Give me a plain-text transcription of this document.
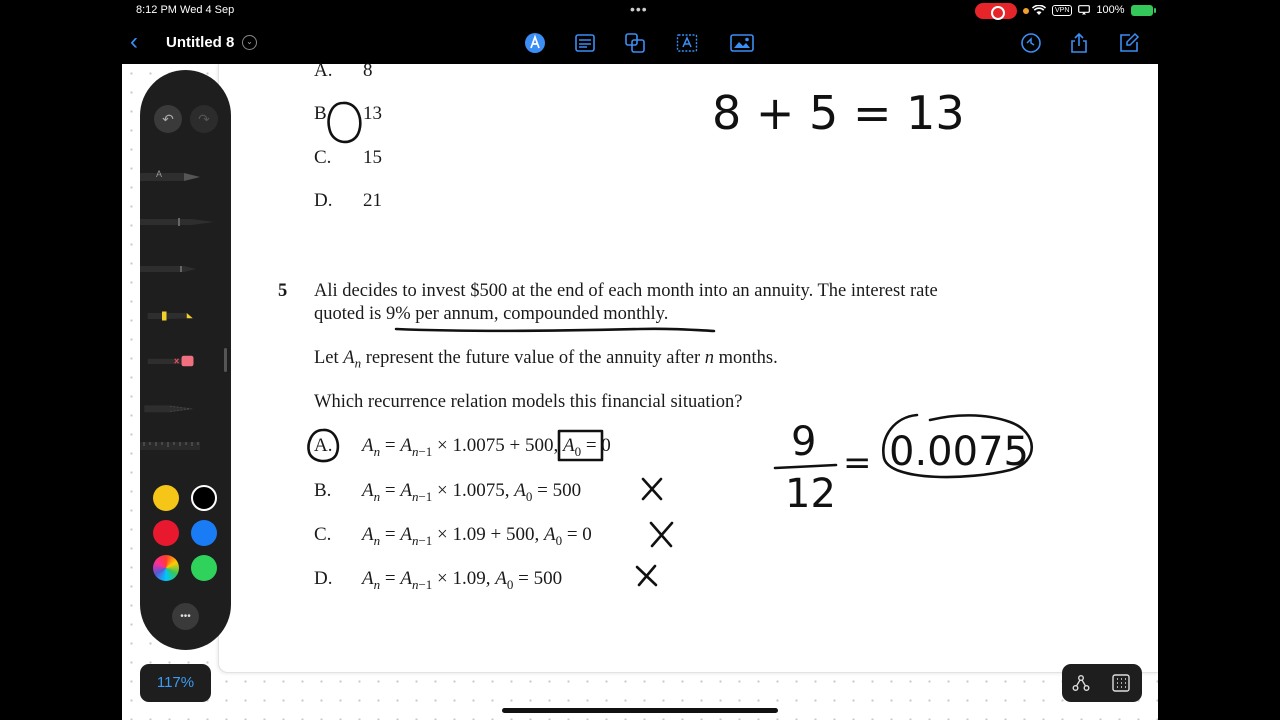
8:12 PM Wed 4 Sep	•••	VPN 100%
‹ Untitled 8	⌄
A. 8
B. 13
C. 15
D. 21
5 Ali decides to invest $500 at the end of each month into an annuity. The interest rate
quoted is 9% per annum, compounded monthly.
Let $A_n$ represent the future value of the annuity after n months.
Which recurrence relation models this financial situation?
A. $A_n = A_{n-1} \times 1.0075 + 500$, $A_0 = 0$
B. $A_n = A_{n-1} \times 1.0075$, $A_0 = 500$
C. $A_n = A_{n-1} \times 1.09 + 500$, $A_0 = 0$
D. $A_n = A_{n-1} \times 1.09$, $A_0 = 500$
8 + 5 = 13
9
12
= 0.0075
↶	↷
A
•••
117%
